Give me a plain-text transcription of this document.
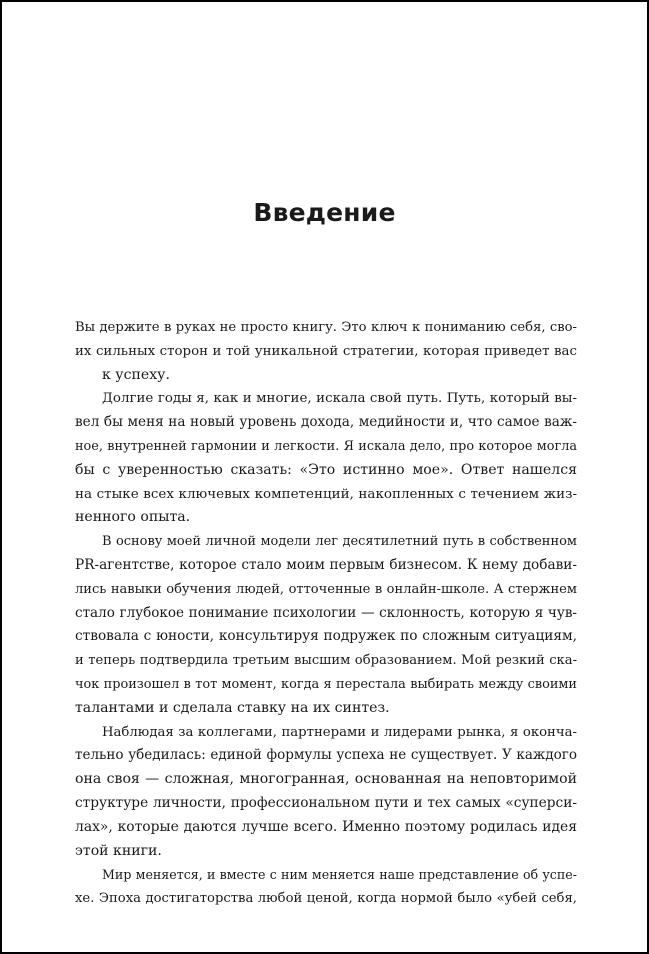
Введение
Вы держите в руках не просто книгу. Это ключ к пониманию себя, сво-
их сильных сторон и той уникальной стратегии, которая приведет вас
к успеху.
Долгие годы я, как и многие, искала свой путь. Путь, который вы-
вел бы меня на новый уровень дохода, медийности и, что самое важ-
ное, внутренней гармонии и легкости. Я искала дело, про которое могла
бы с уверенностью сказать: «Это истинно мое». Ответ нашелся
на стыке всех ключевых компетенций, накопленных с течением жиз-
ненного опыта.
В основу моей личной модели лег десятилетний путь в собственном
PR-агентстве, которое стало моим первым бизнесом. К нему добави-
лись навыки обучения людей, отточенные в онлайн-школе. А стержнем
стало глубокое понимание психологии — склонность, которую я чув-
ствовала с юности, консультируя подружек по сложным ситуациям,
и теперь подтвердила третьим высшим образованием. Мой резкий ска-
чок произошел в тот момент, когда я перестала выбирать между своими
талантами и сделала ставку на их синтез.
Наблюдая за коллегами, партнерами и лидерами рынка, я оконча-
тельно убедилась: единой формулы успеха не существует. У каждого
она своя — сложная, многогранная, основанная на неповторимой
структуре личности, профессиональном пути и тех самых «суперси-
лах», которые даются лучше всего. Именно поэтому родилась идея
этой книги.
Мир меняется, и вместе с ним меняется наше представление об успе-
хе. Эпоха достигаторства любой ценой, когда нормой было «убей себя,
